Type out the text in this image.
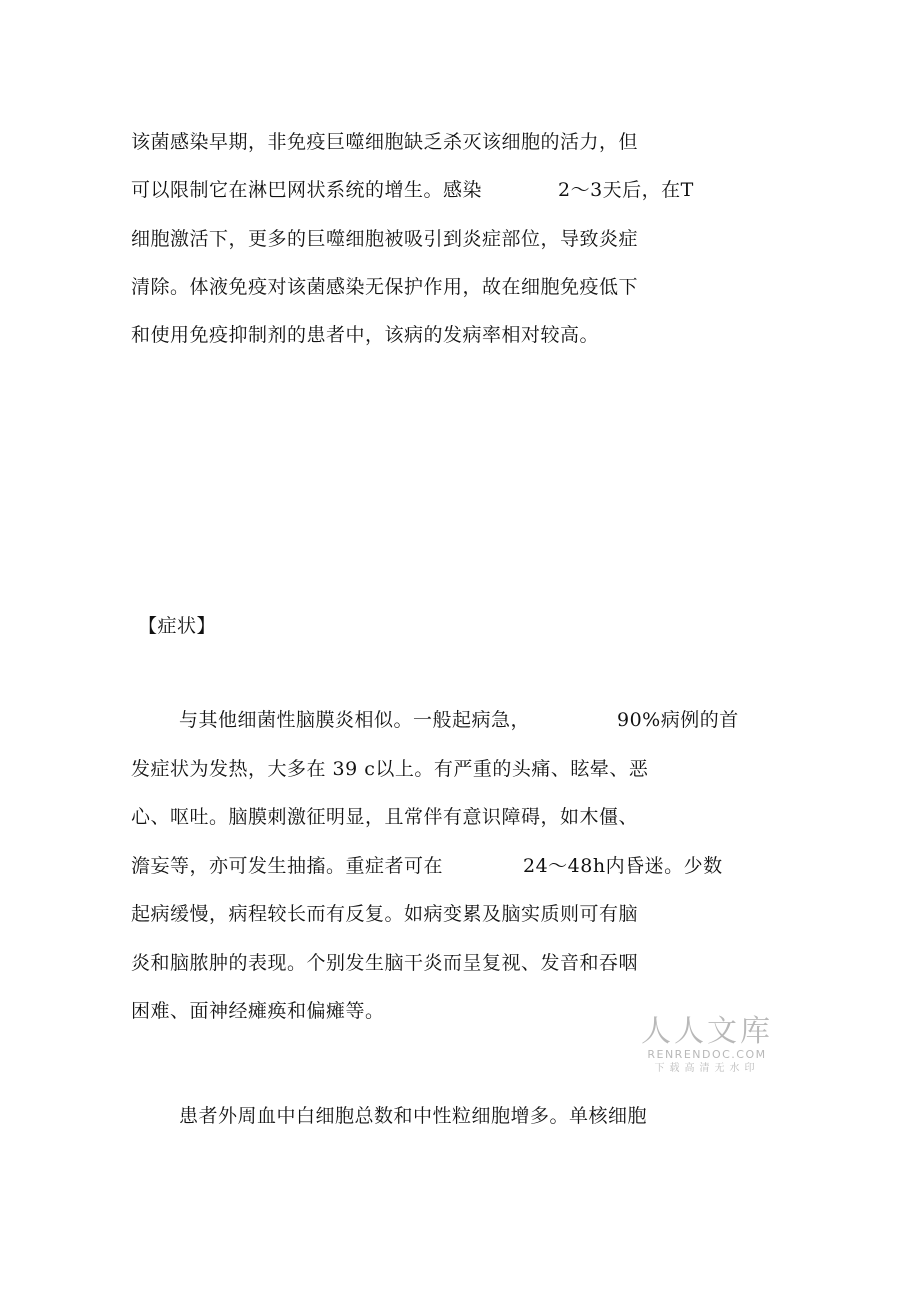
该菌感染早期，非免疫巨噬细胞缺乏杀灭该细胞的活力，但
可以限制它在淋巴网状系统的增生。感染	2～3天后，在T
细胞激活下，更多的巨噬细胞被吸引到炎症部位，导致炎症
清除。体液免疫对该菌感染无保护作用，故在细胞免疫低下
和使用免疫抑制剂的患者中，该病的发病率相对较高。
【症状】
与其他细菌性脑膜炎相似。一般起病急，	90%病例的首
发症状为发热，大多在 39 c以上。有严重的头痛、眩晕、恶
心、呕吐。脑膜刺激征明显，且常伴有意识障碍，如木僵、
澹妄等，亦可发生抽搐。重症者可在	24～48h内昏迷。少数
起病缓慢，病程较长而有反复。如病变累及脑实质则可有脑
炎和脑脓肿的表现。个别发生脑干炎而呈复视、发音和吞咽
困难、面神经瘫痪和偏瘫等。
人人文库
RENRENDOC.COM
下载高清无水印
患者外周血中白细胞总数和中性粒细胞增多。单核细胞
